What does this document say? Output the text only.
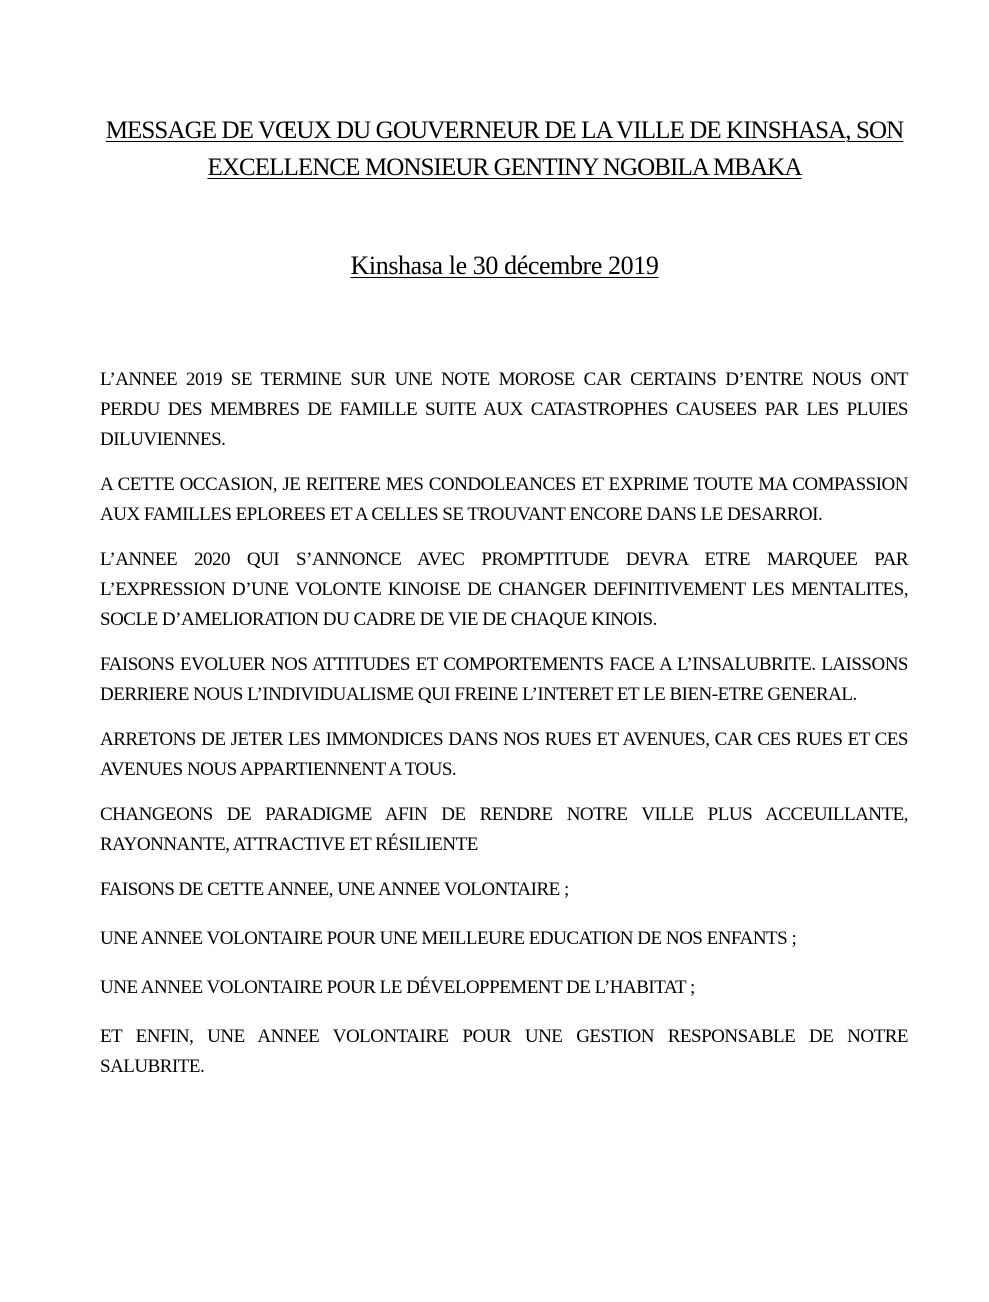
MESSAGE DE VŒUX DU GOUVERNEUR DE LA VILLE DE KINSHASA, SON EXCELLENCE MONSIEUR GENTINY NGOBILA MBAKA
Kinshasa le 30 décembre 2019

L’ANNEE 2019 SE TERMINE SUR UNE NOTE MOROSE CAR CERTAINS D’ENTRE NOUS ONT PERDU DES MEMBRES DE FAMILLE SUITE AUX CATASTROPHES CAUSEES PAR LES PLUIES DILUVIENNES.

A CETTE OCCASION, JE REITERE MES CONDOLEANCES ET EXPRIME TOUTE MA COMPASSION AUX FAMILLES EPLOREES ET A CELLES SE TROUVANT ENCORE DANS LE DESARROI.

L’ANNEE 2020 QUI S’ANNONCE AVEC PROMPTITUDE DEVRA ETRE MARQUEE PAR L’EXPRESSION D’UNE VOLONTE KINOISE DE CHANGER DEFINITIVEMENT LES MENTALITES, SOCLE D’AMELIORATION DU CADRE DE VIE DE CHAQUE KINOIS.

FAISONS EVOLUER NOS ATTITUDES ET COMPORTEMENTS FACE A L’INSALUBRITE. LAISSONS DERRIERE NOUS L’INDIVIDUALISME QUI FREINE L’INTERET ET LE BIEN-ETRE GENERAL.

ARRETONS DE JETER LES IMMONDICES DANS NOS RUES ET AVENUES, CAR CES RUES ET CES AVENUES NOUS APPARTIENNENT A TOUS.

CHANGEONS DE PARADIGME AFIN DE RENDRE NOTRE VILLE PLUS ACCEUILLANTE, RAYONNANTE, ATTRACTIVE ET RÉSILIENTE

FAISONS DE CETTE ANNEE, UNE ANNEE VOLONTAIRE ;

UNE ANNEE VOLONTAIRE POUR UNE MEILLEURE EDUCATION DE NOS ENFANTS ;

UNE ANNEE VOLONTAIRE POUR LE DÉVELOPPEMENT DE L’HABITAT ;

ET ENFIN, UNE ANNEE VOLONTAIRE POUR UNE GESTION RESPONSABLE DE NOTRE SALUBRITE.
